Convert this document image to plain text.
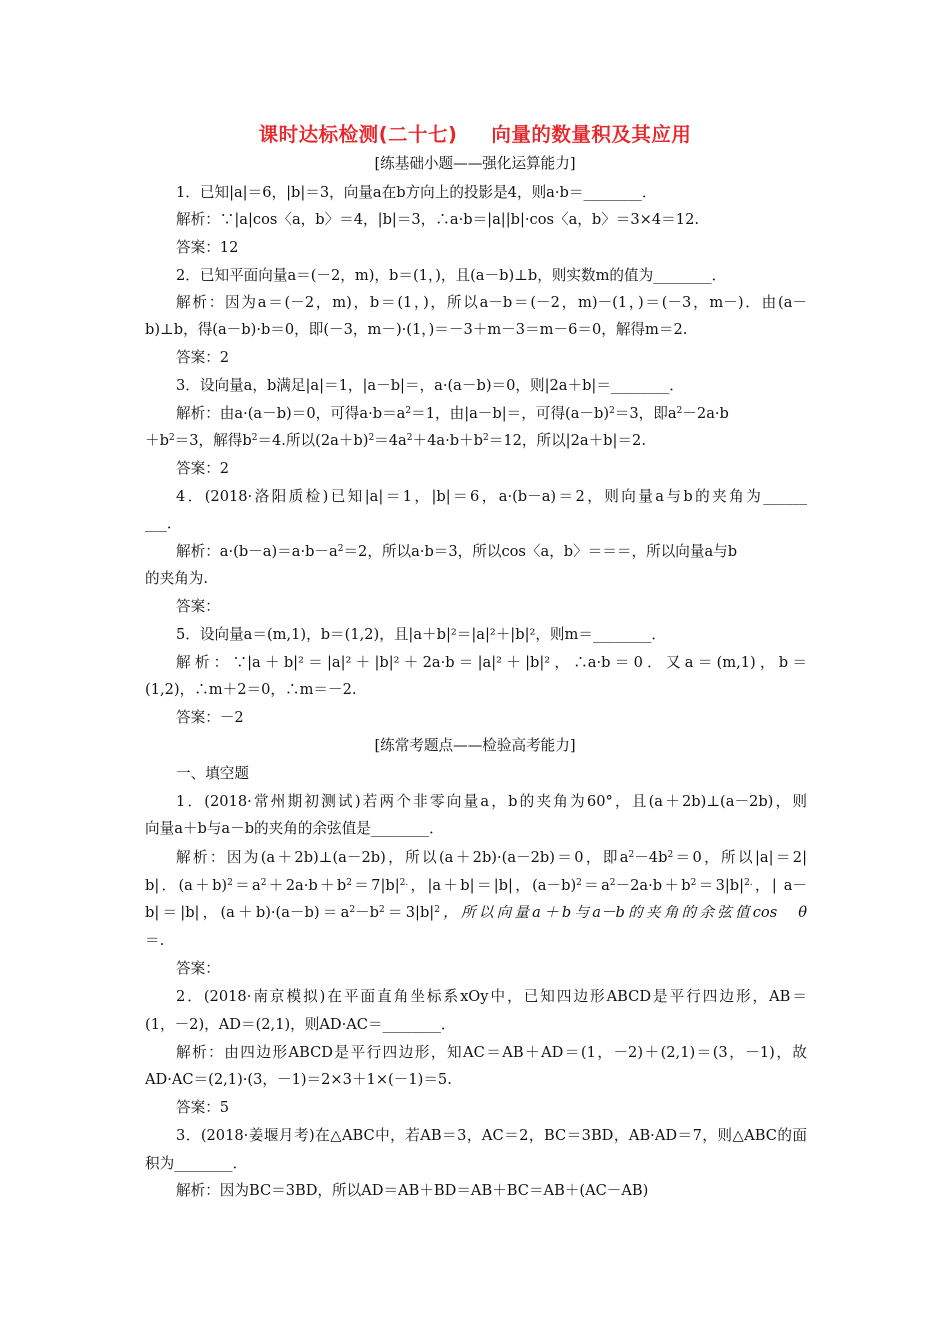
课时达标检测(二十七) 向量的数量积及其应用
[练基础小题——强化运算能力]
1．已知|a|＝6，|b|＝3，向量a在b方向上的投影是4，则a·b＝________．
解析：∵|a|cos〈a，b〉＝4，|b|＝3，∴a·b＝|a||b|·cos〈a，b〉＝3×4＝12.
答案：12
2．已知平面向量a＝(－2，m)，b＝(1，)，且(a－b)⊥b，则实数m的值为________．
解析：因为a＝(－2，m)，b＝(1，)，所以a－b＝(－2，m)－(1，)＝(－3，m－)．由(a－
b)⊥b，得(a－b)·b＝0，即(－3，m－)·(1，)＝－3＋m－3＝m－6＝0，解得m＝2.
答案：2
3．设向量a，b满足|a|＝1，|a－b|＝，a·(a－b)＝0，则|2a＋b|＝________．
解析：由a·(a－b)＝0，可得$a\cdot b=a^2=1$，由|a－b|＝，可得$(a-b)^2=3$，即$a^2-2a\cdot b$
$+b^2=3$，解得$b^2=4$.所以$(2a+b)^2=4a^2+4a\cdot b+b^2=12$，所以|2a＋b|＝2.
答案：2
4．(2018·洛阳质检)已知|a|＝1，|b|＝6，a·(b－a)＝2，则向量a与b的夹角为______
___．
解析：$a\cdot(b-a)=a\cdot b-a^2=2$，所以a·b＝3，所以cos〈a，b〉＝＝＝，所以向量a与b
的夹角为.
答案：
5．设向量a＝(m,1)，b＝(1,2)，且|a＋b|²＝|a|²＋|b|²，则m＝________．
解析：∵|a＋b|²＝|a|²＋|b|²＋2a·b＝|a|²＋|b|²，∴a·b＝0．又a＝(m,1)，b＝
(1,2)，∴m＋2＝0，∴m＝－2.
答案：－2
[练常考题点——检验高考能力]
一、填空题
1．(2018·常州期初测试)若两个非零向量a，b的夹角为60°，且(a＋2b)⊥(a－2b)，则
向量a＋b与a－b的夹角的余弦值是________．
解析：因为(a＋2b)⊥(a－2b)，所以(a＋2b)·(a－2b)＝0，即$a^2-4b^2=0$，所以|a|＝2|
b|．$(a+b)^2=a^2+2a\cdot b+b^2=7|b|^{2.}$，|a＋b|＝|b|，$(a-b)^2=a^2-2a\cdot b+b^2=3|b|^{2.}$，| a－
b|＝|b|，$(a+b)\cdot(a-b)=a^2-b^2=3|b|^2$，所以向量a＋b与a－b的夹角的余弦值cos　θ
＝.
答案：
2．(2018·南京模拟)在平面直角坐标系xOy中，已知四边形ABCD是平行四边形，AB＝
(1，－2)，AD＝(2,1)，则AD·AC＝________．
解析：由四边形ABCD是平行四边形，知AC＝AB＋AD＝(1，－2)＋(2,1)＝(3，－1)，故
AD·AC＝(2,1)·(3，－1)＝2×3＋1×(－1)＝5.
答案：5
3．(2018·姜堰月考)在△ABC中，若AB＝3，AC＝2，BC＝3BD，AB·AD＝7，则△ABC的面
积为________．
解析：因为BC＝3BD，所以AD＝AB＋BD＝AB＋BC＝AB＋(AC－AB)
